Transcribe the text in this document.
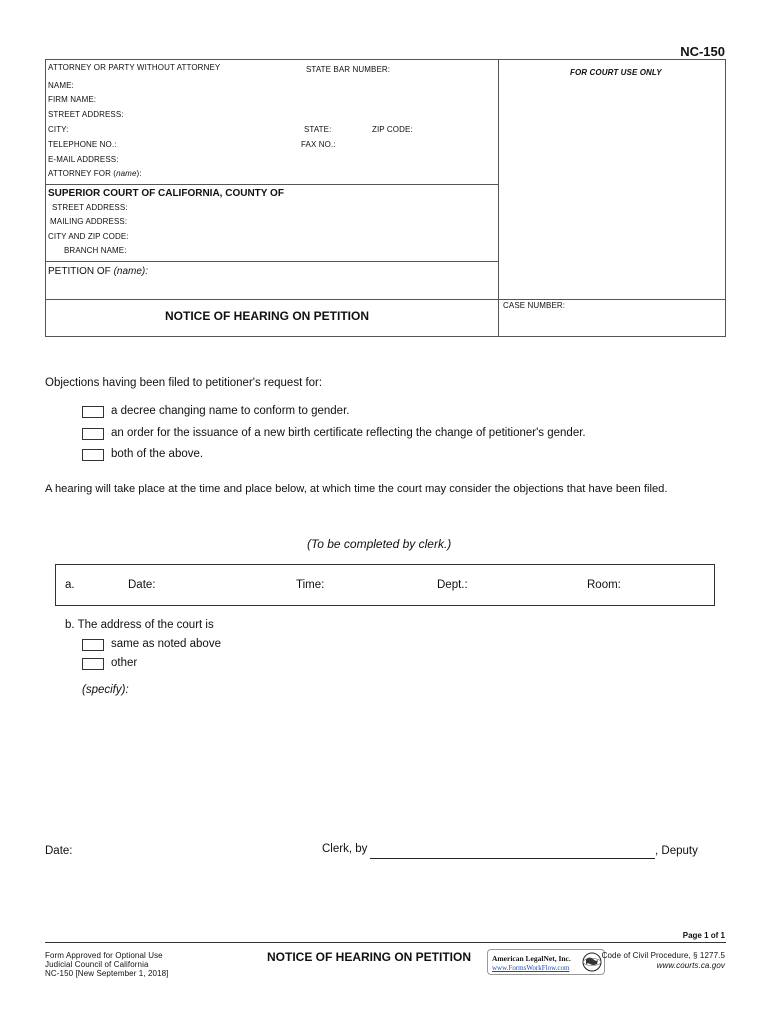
NC-150
ATTORNEY OR PARTY WITHOUT ATTORNEY	STATE BAR NUMBER:	FOR COURT USE ONLY
NAME:
FIRM NAME:
STREET ADDRESS:
CITY:	STATE:	ZIP CODE:
TELEPHONE NO.:	FAX NO.:
E-MAIL ADDRESS:
ATTORNEY FOR (name):
SUPERIOR COURT OF CALIFORNIA, COUNTY OF
STREET ADDRESS:
MAILING ADDRESS:
CITY AND ZIP CODE:
BRANCH NAME:
PETITION OF (name):
NOTICE OF HEARING ON PETITION
CASE NUMBER:
Objections having been filed to petitioner's request for:
a decree changing name to conform to gender.
an order for the issuance of a new birth certificate reflecting the change of petitioner's gender.
both of the above.
A hearing will take place at the time and place below, at which time the court may consider the objections that have been filed.
(To be completed by clerk.)
a.	Date:	Time:	Dept.:	Room:
b. The address of the court is
same as noted above
other
(specify):
Date:	Clerk, by	, Deputy
Page 1 of 1
Form Approved for Optional Use
Judicial Council of California
NC-150 [New September 1, 2018]
NOTICE OF HEARING ON PETITION	American LegalNet, Inc.
www.FormsWorkFlow.com
Code of Civil Procedure, § 1277.5
www.courts.ca.gov
